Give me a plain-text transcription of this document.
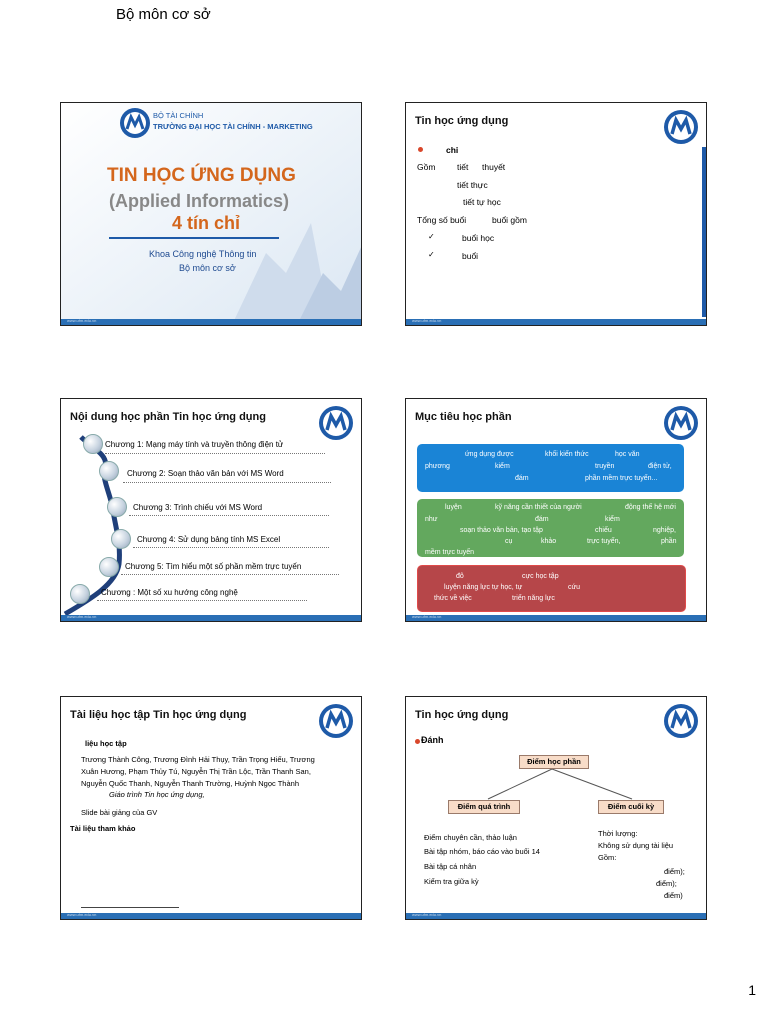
Bộ môn cơ sở
1
BỘ TÀI CHÍNH
TRƯỜNG ĐẠI HỌC TÀI CHÍNH - MARKETING
TIN HỌC ỨNG DỤNG
(Applied Informatics)
4 tín chỉ
Khoa Công nghệ Thông tin
Bộ môn cơ sở
www.ufm.edu.vn
Tin học ứng dụng
chỉ
Gồm	tiết thuyết
tiết thực
tiết tự học
Tổng số buổi	buổi gồm
✓	buổi học
✓	buổi
www.ufm.edu.vn
Nội dung học phần Tin học ứng dụng
Chương 1: Mạng máy tính và truyền thông điện tử
Chương 2: Soạn thảo văn bản với MS Word
Chương 3: Trình chiếu với MS Word
Chương 4: Sử dụng bảng tính MS Excel
Chương 5: Tìm hiểu một số phần mềm trực tuyến
Chương : Một số xu hướng công nghệ
www.ufm.edu.vn
Mục tiêu học phần
ứng dụng được	khối kiến thức	học văn
phương	kiểm	truyền	điện tử,
đám	phần mềm trực tuyến...
luyện	kỹ năng cần thiết của người	động thế hệ mới
như	đám	kiểm
soạn thảo văn bản, tạo tập	chiếu	nghiệp,
cụ	khảo	trực tuyến,	phần
mềm trực tuyến
đô	cực học tập
luyện năng lực tự học, tự	cứu
thức về việc	triển năng lực
www.ufm.edu.vn
Tài liệu học tập Tin học ứng dụng
liệu học tập
Trương Thành Công, Trương Đình Hải Thụy, Trần Trọng Hiếu, Trương
Xuân Hương, Phạm Thủy Tú, Nguyễn Thị Trần Lộc, Trần Thanh San,
Nguyễn Quốc Thanh, Nguyễn Thanh Trường, Huỳnh Ngọc Thành
Giáo trình Tin học ứng dụng,
Slide bài giảng của GV
Tài liệu tham khảo
www.ufm.edu.vn
Tin học ứng dụng
Đánh
Điểm học phần
Điểm quá trình	Điểm cuối kỳ
Điểm chuyên cần, thảo luận
Bài tập nhóm, báo cáo vào buổi 14
Bài tập cá nhân
Kiểm tra giữa kỳ
Thời lượng:
Không sử dụng tài liệu
Gồm:
điểm);
điểm);
điểm)
www.ufm.edu.vn
